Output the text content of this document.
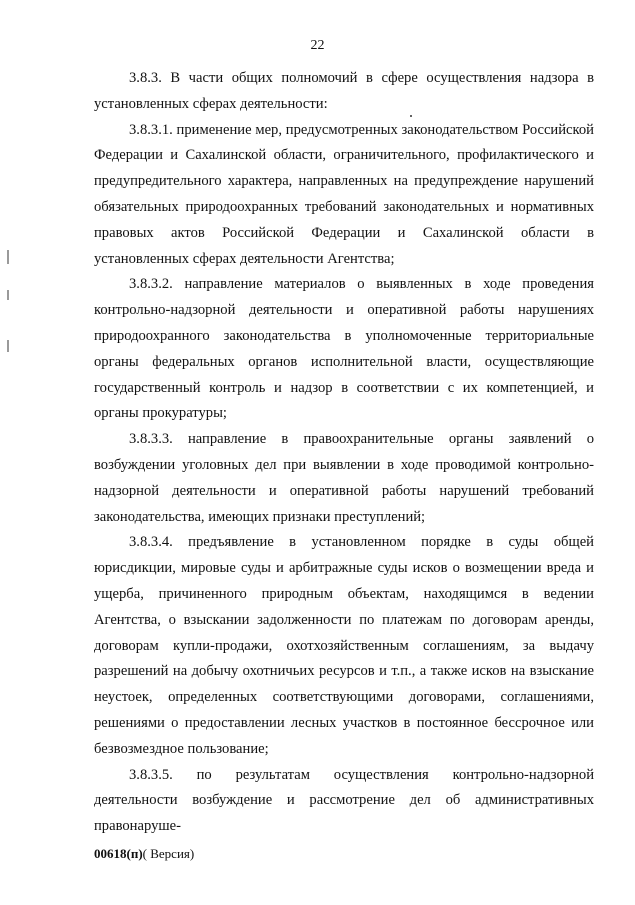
22

3.8.3. В части общих полномочий в сфере осуществления надзора в установленных сферах деятельности:

3.8.3.1. применение мер, предусмотренных законодательством Российской Федерации и Сахалинской области, ограничительного, профилактического и предупредительного характера, направленных на предупреждение нарушений обязательных природоохранных требований законодательных и нормативных правовых актов Российской Федерации и Сахалинской области в установленных сферах деятельности Агентства;

3.8.3.2. направление материалов о выявленных в ходе проведения контрольно-надзорной деятельности и оперативной работы нарушениях природоохранного законодательства в уполномоченные территориальные органы федеральных органов исполнительной власти, осуществляющие государственный контроль и надзор в соответствии с их компетенцией, и органы прокуратуры;

3.8.3.3. направление в правоохранительные органы заявлений о возбуждении уголовных дел при выявлении в ходе проводимой контрольно-надзорной деятельности и оперативной работы нарушений требований законодательства, имеющих признаки преступлений;

3.8.3.4. предъявление в установленном порядке в суды общей юрисдикции, мировые суды и арбитражные суды исков о возмещении вреда и ущерба, причиненного природным объектам, находящимся в ведении Агентства, о взыскании задолженности по платежам по договорам аренды, договорам купли-продажи, охотхозяйственным соглашениям, за выдачу разрешений на добычу охотничьих ресурсов и т.п., а также исков на взыскание неустоек, определенных соответствующими договорами, соглашениями, решениями о предоставлении лесных участков в постоянное бессрочное или безвозмездное пользование;

3.8.3.5. по результатам осуществления контрольно-надзорной деятельности возбуждение и рассмотрение дел об административных правонаруше-

00618(п)( Версия)
